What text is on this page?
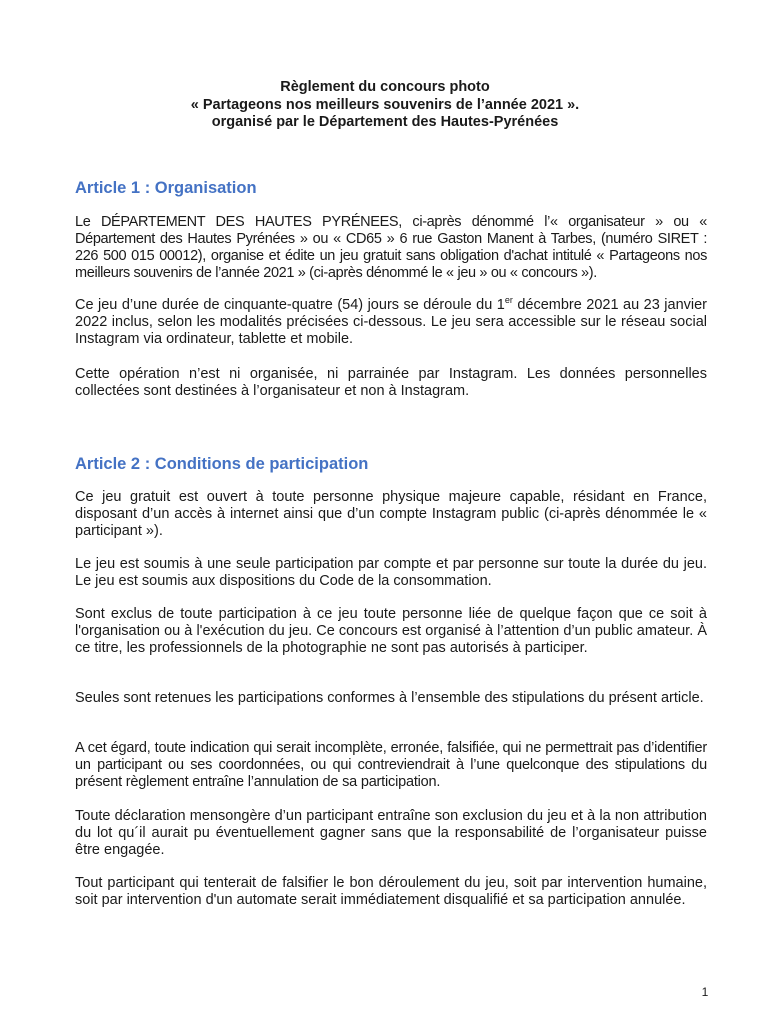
Règlement du concours photo
« Partageons nos meilleurs souvenirs de l’année 2021 ».
organisé par le Département des Hautes-Pyrénées
Article 1 : Organisation

Le DÉPARTEMENT DES HAUTES PYRÉNEES, ci-après dénommé l’« organisateur » ou « Département des Hautes Pyrénées » ou « CD65 » 6 rue Gaston Manent à Tarbes, (numéro SIRET : 226 500 015 00012), organise et édite un jeu gratuit sans obligation d'achat intitulé « Partageons nos meilleurs souvenirs de l’année 2021 » (ci-après dénommé le « jeu » ou « concours »).

Ce jeu d’une durée de cinquante-quatre (54) jours se déroule du 1er décembre 2021 au 23 janvier 2022 inclus, selon les modalités précisées ci-dessous. Le jeu sera accessible sur le réseau social Instagram via ordinateur, tablette et mobile.

Cette opération n’est ni organisée, ni parrainée par Instagram. Les données personnelles collectées sont destinées à l’organisateur et non à Instagram.

Article 2 : Conditions de participation

Ce jeu gratuit est ouvert à toute personne physique majeure capable, résidant en France, disposant d’un accès à internet ainsi que d’un compte Instagram public (ci-après dénommée le « participant »).

Le jeu est soumis à une seule participation par compte et par personne sur toute la durée du jeu. Le jeu est soumis aux dispositions du Code de la consommation.

Sont exclus de toute participation à ce jeu toute personne liée de quelque façon que ce soit à l'organisation ou à l'exécution du jeu. Ce concours est organisé à l’attention d’un public amateur. À ce titre, les professionnels de la photographie ne sont pas autorisés à participer.

Seules sont retenues les participations conformes à l’ensemble des stipulations du présent article.

A cet égard, toute indication qui serait incomplète, erronée, falsifiée, qui ne permettrait pas d’identifier un participant ou ses coordonnées, ou qui contreviendrait à l’une quelconque des stipulations du présent règlement entraîne l’annulation de sa participation.

Toute déclaration mensongère d’un participant entraîne son exclusion du jeu et à la non attribution du lot qu´il aurait pu éventuellement gagner sans que la responsabilité de l’organisateur puisse être engagée.

Tout participant qui tenterait de falsifier le bon déroulement du jeu, soit par intervention humaine, soit par intervention d'un automate serait immédiatement disqualifié et sa participation annulée.

1
